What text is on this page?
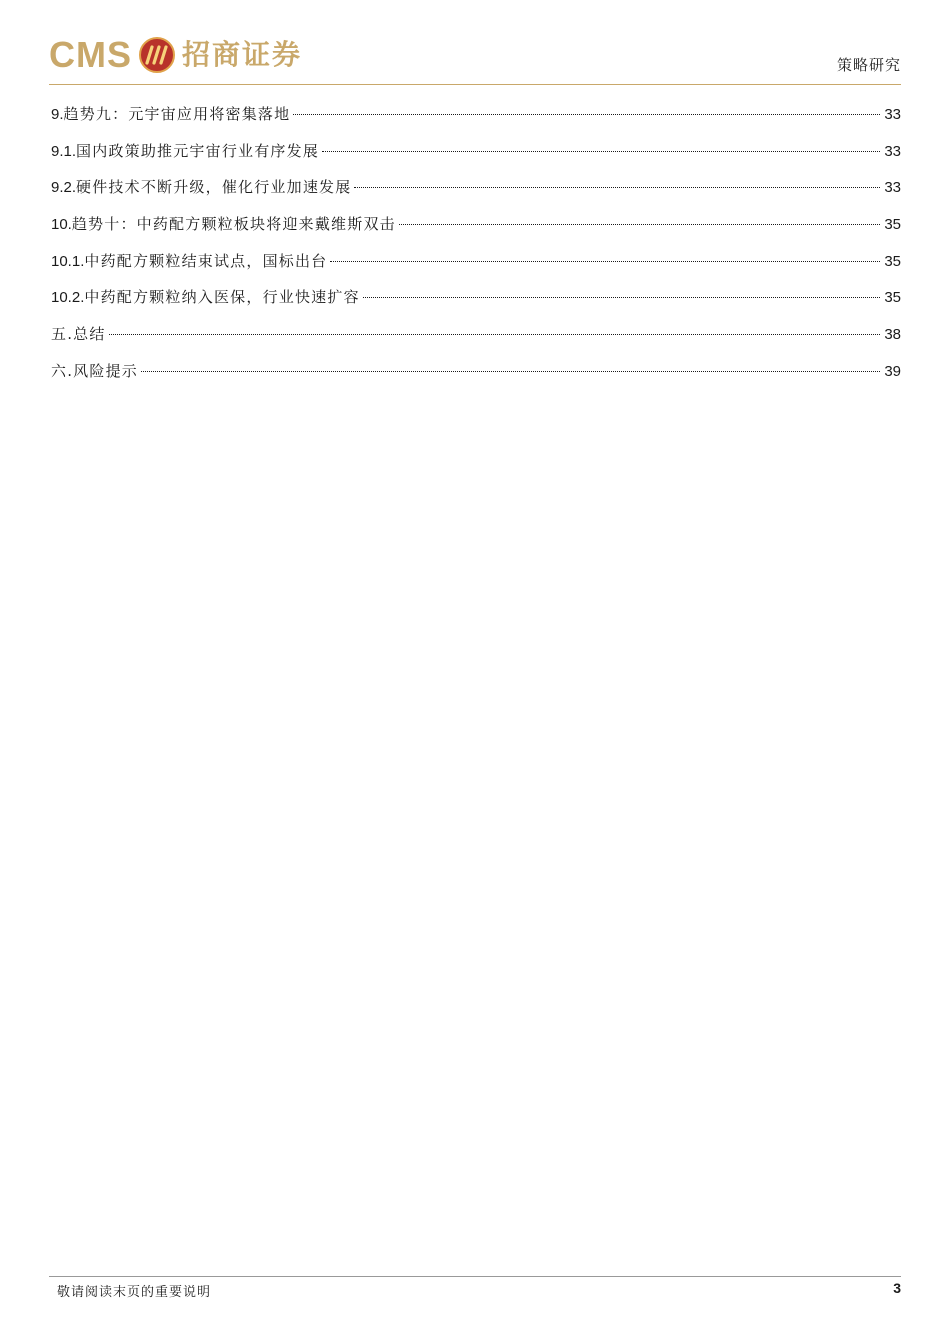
CMS 招商证券	策略研究
9. 趋势九：元宇宙应用将密集落地	33
9.1. 国内政策助推元宇宙行业有序发展	33
9.2. 硬件技术不断升级，催化行业加速发展	33
10. 趋势十：中药配方颗粒板块将迎来戴维斯双击	35
10.1. 中药配方颗粒结束试点，国标出台	35
10.2. 中药配方颗粒纳入医保，行业快速扩容	35
五.总结	38
六.风险提示	39
敬请阅读末页的重要说明	3
